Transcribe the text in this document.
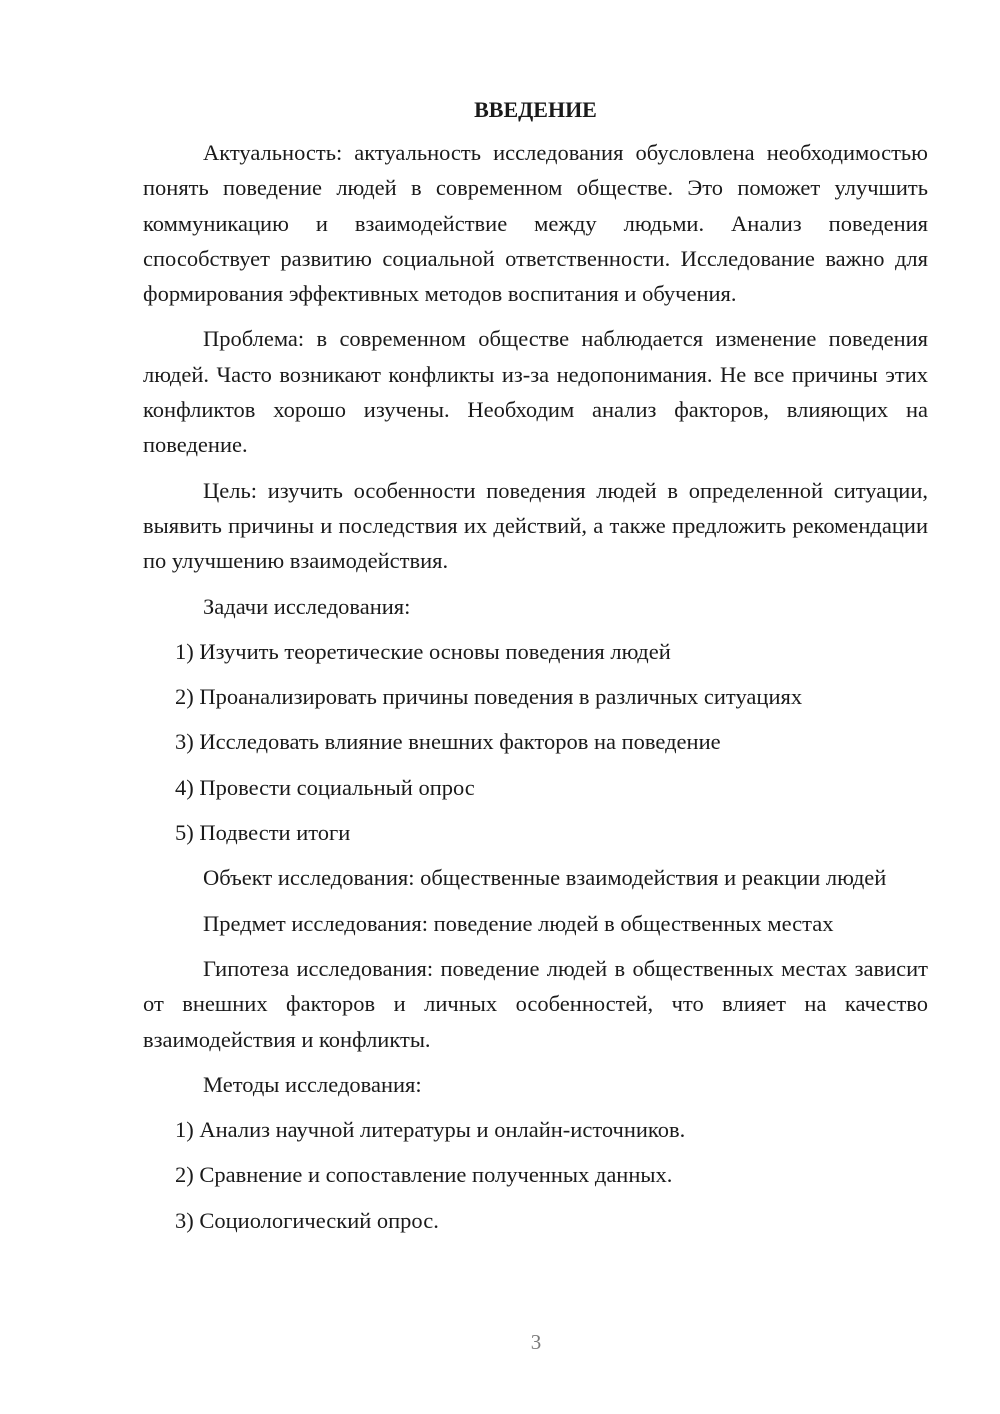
ВВЕДЕНИЕ

Актуальность: актуальность исследования обусловлена необходимостью понять поведение людей в современном обществе. Это поможет улучшить коммуникацию и взаимодействие между людьми. Анализ поведения способствует развитию социальной ответственности. Исследование важно для формирования эффективных методов воспитания и обучения.

Проблема: в современном обществе наблюдается изменение поведения людей. Часто возникают конфликты из-за недопонимания. Не все причины этих конфликтов хорошо изучены. Необходим анализ факторов, влияющих на поведение.

Цель: изучить особенности поведения людей в определенной ситуации, выявить причины и последствия их действий, а также предложить рекомендации по улучшению взаимодействия.

Задачи исследования:
1) Изучить теоретические основы поведения людей
2) Проанализировать причины поведения в различных ситуациях
3) Исследовать влияние внешних факторов на поведение
4) Провести социальный опрос
5) Подвести итоги

Объект исследования: общественные взаимодействия и реакции людей

Предмет исследования: поведение людей в общественных местах

Гипотеза исследования: поведение людей в общественных местах зависит от внешних факторов и личных особенностей, что влияет на качество взаимодействия и конфликты.

Методы исследования:
1) Анализ научной литературы и онлайн-источников.
2) Сравнение и сопоставление полученных данных.
3) Социологический опрос.
3
